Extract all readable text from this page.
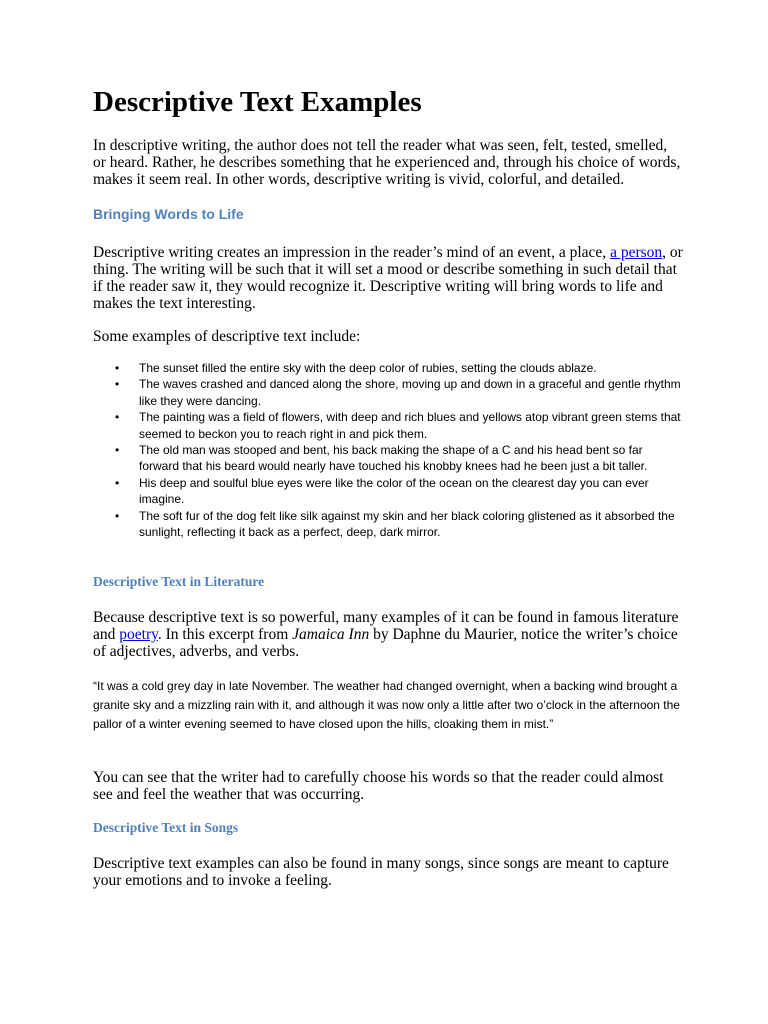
Descriptive Text Examples

In descriptive writing, the author does not tell the reader what was seen, felt, tested, smelled, or heard. Rather, he describes something that he experienced and, through his choice of words, makes it seem real. In other words, descriptive writing is vivid, colorful, and detailed.

Bringing Words to Life

Descriptive writing creates an impression in the reader’s mind of an event, a place, a person, or thing. The writing will be such that it will set a mood or describe something in such detail that if the reader saw it, they would recognize it. Descriptive writing will bring words to life and makes the text interesting.

Some examples of descriptive text include:

• The sunset filled the entire sky with the deep color of rubies, setting the clouds ablaze.
• The waves crashed and danced along the shore, moving up and down in a graceful and gentle rhythm like they were dancing.
• The painting was a field of flowers, with deep and rich blues and yellows atop vibrant green stems that seemed to beckon you to reach right in and pick them.
• The old man was stooped and bent, his back making the shape of a C and his head bent so far forward that his beard would nearly have touched his knobby knees had he been just a bit taller.
• His deep and soulful blue eyes were like the color of the ocean on the clearest day you can ever imagine.
• The soft fur of the dog felt like silk against my skin and her black coloring glistened as it absorbed the sunlight, reflecting it back as a perfect, deep, dark mirror.
Descriptive Text in Literature

Because descriptive text is so powerful, many examples of it can be found in famous literature and poetry. In this excerpt from Jamaica Inn by Daphne du Maurier, notice the writer’s choice of adjectives, adverbs, and verbs.

“It was a cold grey day in late November. The weather had changed overnight, when a backing wind brought a granite sky and a mizzling rain with it, and although it was now only a little after two o’clock in the afternoon the pallor of a winter evening seemed to have closed upon the hills, cloaking them in mist.”

You can see that the writer had to carefully choose his words so that the reader could almost see and feel the weather that was occurring.

Descriptive Text in Songs

Descriptive text examples can also be found in many songs, since songs are meant to capture your emotions and to invoke a feeling.
